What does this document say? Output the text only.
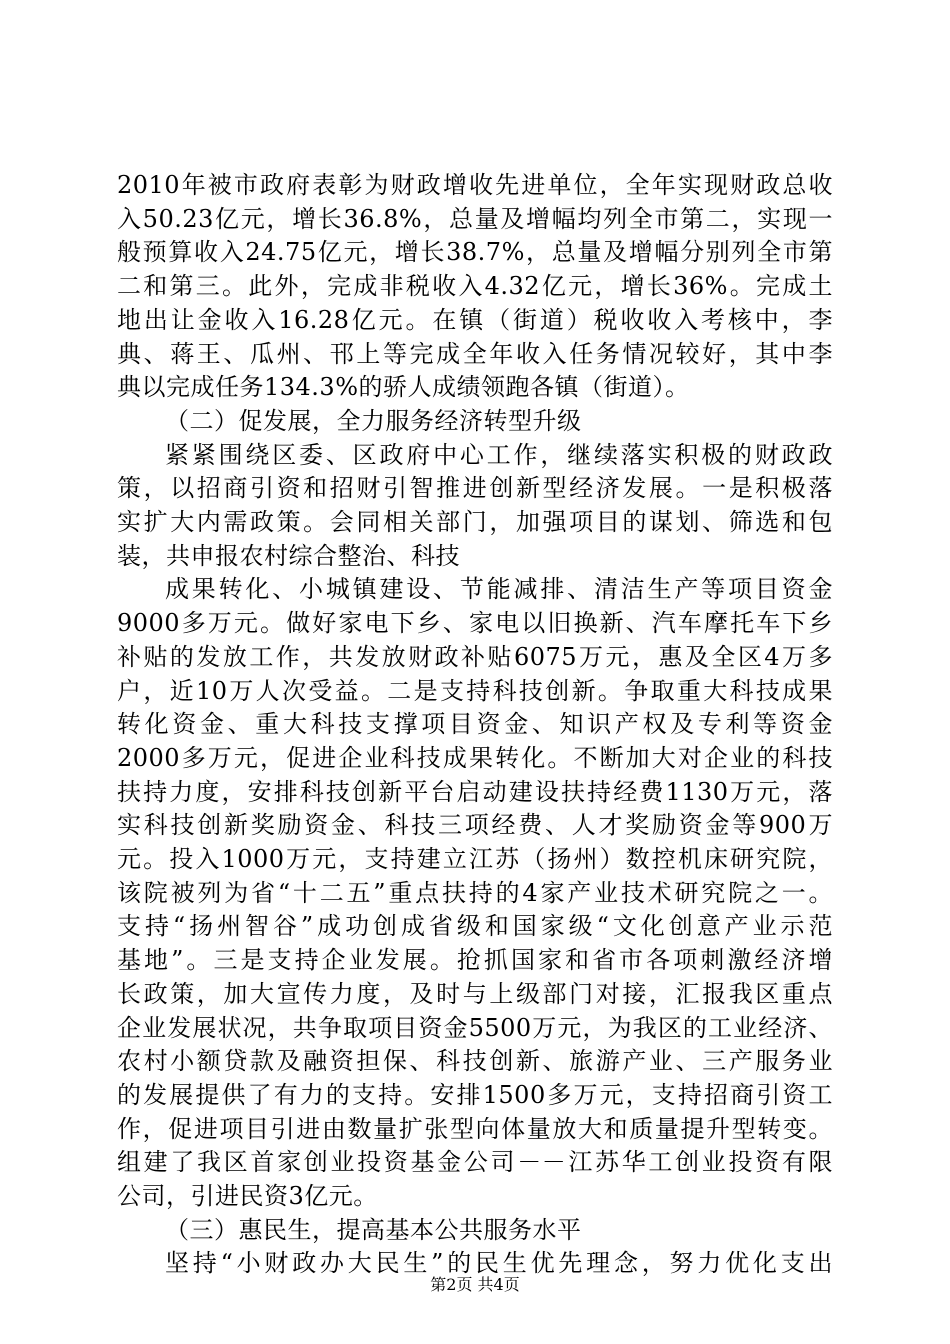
2010年被市政府表彰为财政增收先进单位，全年实现财政总收
入50.23亿元，增长36.8%，总量及增幅均列全市第二，实现一
般预算收入24.75亿元，增长38.7%，总量及增幅分别列全市第
二和第三。此外，完成非税收入4.32亿元，增长36%。完成土
地出让金收入16.28亿元。在镇（街道）税收收入考核中，李
典、蒋王、瓜州、邗上等完成全年收入任务情况较好，其中李
典以完成任务134.3%的骄人成绩领跑各镇（街道）。
（二）促发展，全力服务经济转型升级
紧紧围绕区委、区政府中心工作，继续落实积极的财政政
策，以招商引资和招财引智推进创新型经济发展。一是积极落
实扩大内需政策。会同相关部门，加强项目的谋划、筛选和包
装，共申报农村综合整治、科技
成果转化、小城镇建设、节能减排、清洁生产等项目资金
9000多万元。做好家电下乡、家电以旧换新、汽车摩托车下乡
补贴的发放工作，共发放财政补贴6075万元，惠及全区4万多
户，近10万人次受益。二是支持科技创新。争取重大科技成果
转化资金、重大科技支撑项目资金、知识产权及专利等资金
2000多万元，促进企业科技成果转化。不断加大对企业的科技
扶持力度，安排科技创新平台启动建设扶持经费1130万元，落
实科技创新奖励资金、科技三项经费、人才奖励资金等900万
元。投入1000万元，支持建立江苏（扬州）数控机床研究院，
该院被列为省“十二五”重点扶持的4家产业技术研究院之一。
支持“扬州智谷”成功创成省级和国家级“文化创意产业示范
基地”。三是支持企业发展。抢抓国家和省市各项刺激经济增
长政策，加大宣传力度，及时与上级部门对接，汇报我区重点
企业发展状况，共争取项目资金5500万元，为我区的工业经济、
农村小额贷款及融资担保、科技创新、旅游产业、三产服务业
的发展提供了有力的支持。安排1500多万元，支持招商引资工
作，促进项目引进由数量扩张型向体量放大和质量提升型转变。
组建了我区首家创业投资基金公司－－江苏华工创业投资有限
公司，引进民资3亿元。
（三）惠民生，提高基本公共服务水平
坚持“小财政办大民生”的民生优先理念，努力优化支出
第2页 共4页
